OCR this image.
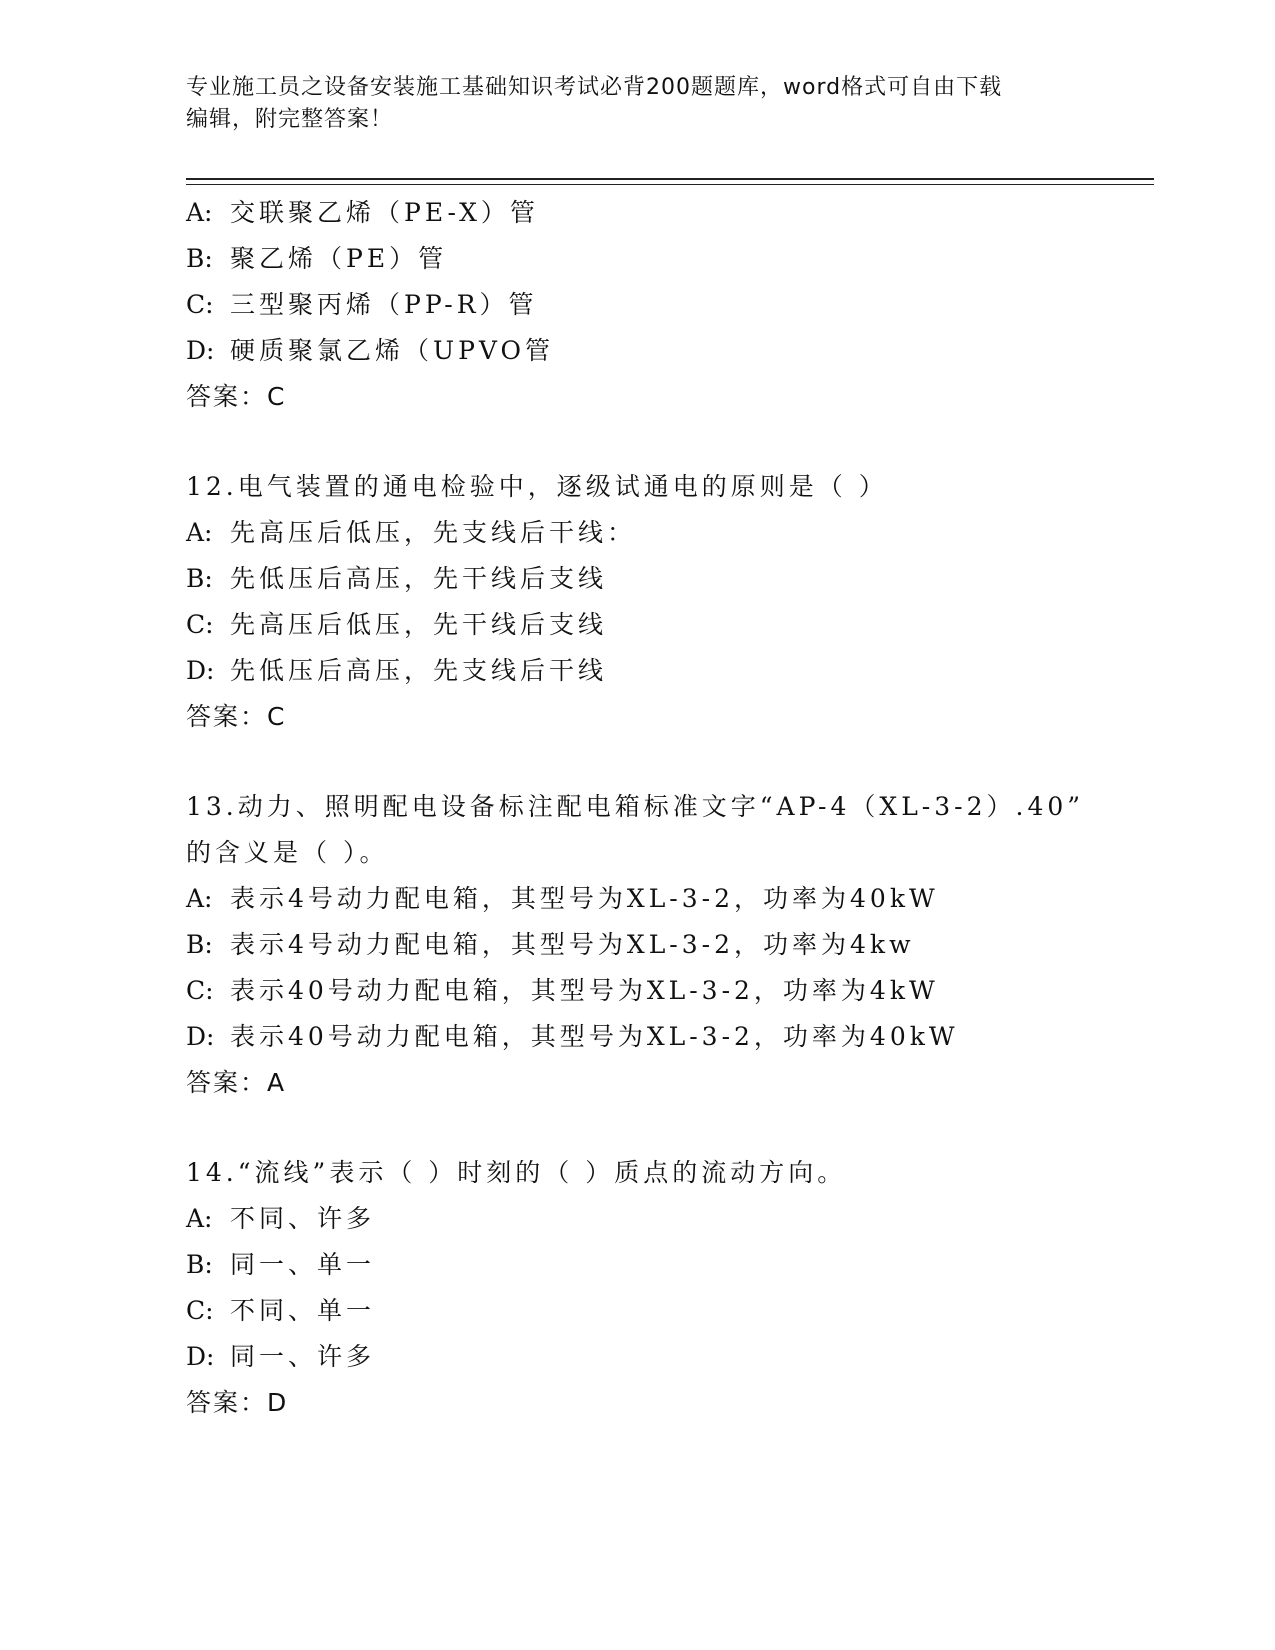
专业施工员之设备安装施工基础知识考试必背200题题库，word格式可自由下载
编辑，附完整答案！
A: 交联聚乙烯（PE-X）管
B: 聚乙烯（PE）管
C: 三型聚丙烯（PP-R）管
D: 硬质聚氯乙烯（UPVO管
答案：C
12.电气装置的通电检验中，逐级试通电的原则是（ ）
A: 先高压后低压，先支线后干线：
B: 先低压后高压，先干线后支线
C: 先高压后低压，先干线后支线
D: 先低压后高压，先支线后干线
答案：C
13.动力、照明配电设备标注配电箱标准文字“AP-4（XL-3-2）.40”
的含义是（ ）。
A: 表示4号动力配电箱，其型号为XL-3-2，功率为40kW
B: 表示4号动力配电箱，其型号为XL-3-2，功率为4kw
C: 表示40号动力配电箱，其型号为XL-3-2，功率为4kW
D: 表示40号动力配电箱，其型号为XL-3-2，功率为40kW
答案：A
14.“流线”表示（ ）时刻的（ ）质点的流动方向。
A: 不同、许多
B: 同一、单一
C: 不同、单一
D: 同一、许多
答案：D
